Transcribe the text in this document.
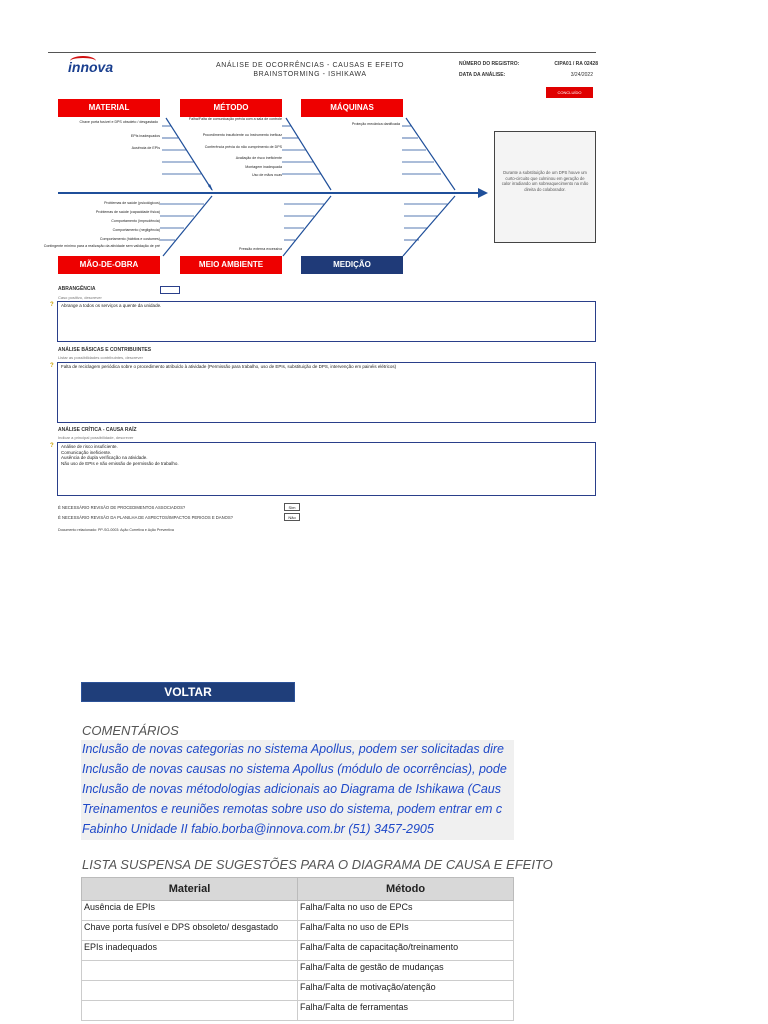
innova	ANÁLISE DE OCORRÊNCIAS - CAUSAS E EFEITO
BRAINSTORMING - ISHIKAWA
NÚMERO DO REGISTRO:	CIPA01 / RA 02428
DATA DA ANÁLISE:	3/24/2022
CONCLUÍDO
MATERIAL	MÉTODO	MÁQUINAS
MÃO-DE-OBRA	MEIO AMBIENTE	MEDIÇÃO
Chave porta fusível e DPS obsoleto / desgastado
EPIs inadequados
Ausência de EPIs
Falha/Falta de comunicação prévia com a sala de controle
Procedimento insuficiente ou Instrumento ineficaz
Conferência prévia do não cumprimento de DPS
Avaliação de risco ineficiente
Montagem inadequada
Uso de mãos nuas
Proteção mecânica danificada
Problemas de saúde (psicológicos)
Problemas de saúde (capacidade física)
Comportamento (imprudência)
Comportamento (negligência)
Comportamento (hábitos e costumes)
Contingente mínimo para a realização da atividade sem validação de pré
Pressão externa excessiva
Durante a substituição de um DPS houve um curto-circuito que culminou em geração de calor irradiando um sobreaquecimento na mão direita do colaborador.
ABRANGÊNCIA
Caso positivo, descrever
?	Abrange a todos os serviços a quente da unidade.
ANÁLISE BÁSICAS E CONTRIBUINTES
Listar as possibilidades contribuintes, descrever
?	Falta de reciclagem periódica sobre o procedimento atribuído à atividade (Permissão para trabalho, uso de EPIs, substituição de DPS, intervenção em painéis elétricos)
ANÁLISE CRÍTICA - CAUSA RAÍZ
Indicar a principal possibilidade, descrever
?	Análise de risco insuficiente.
Comunicação ineficiente.
Ausência de dupla verificação na atividade.
Não uso de EPIs e não emissão de permissão de trabalho.
É NECESSÁRIO REVISÃO DE PROCEDIMENTOS ASSOCIADOS?	Sim
É NECESSÁRIO REVISÃO DA PLANILHA DE ASPECTOS/IMPACTOS PERIGOS E DANOS?	Não
Documento relacionado: PP-SG-0003: Ação Corretiva e Ação Preventiva
VOLTAR
COMENTÁRIOS
Inclusão de novas categorias no sistema Apollus, podem ser solicitadas dire
Inclusão de novas causas no sistema Apollus (módulo de ocorrências), pode
Inclusão de novas métodologias adicionais ao Diagrama de Ishikawa (Caus
Treinamentos e reuniões remotas sobre uso do sistema, podem entrar em c
Fabinho Unidade II fabio.borba@innova.com.br (51) 3457-2905
LISTA SUSPENSA DE SUGESTÕES PARA O DIAGRAMA DE CAUSA E EFEITO
Material	Método
Ausência de EPIs	Falha/Falta no uso de EPCs
Chave porta fusível e DPS obsoleto/ desgastado	Falha/Falta no uso de EPIs
EPIs inadequados	Falha/Falta de capacitação/treinamento
	Falha/Falta de gestão de mudanças
	Falha/Falta de motivação/atenção
	Falha/Falta de ferramentas
